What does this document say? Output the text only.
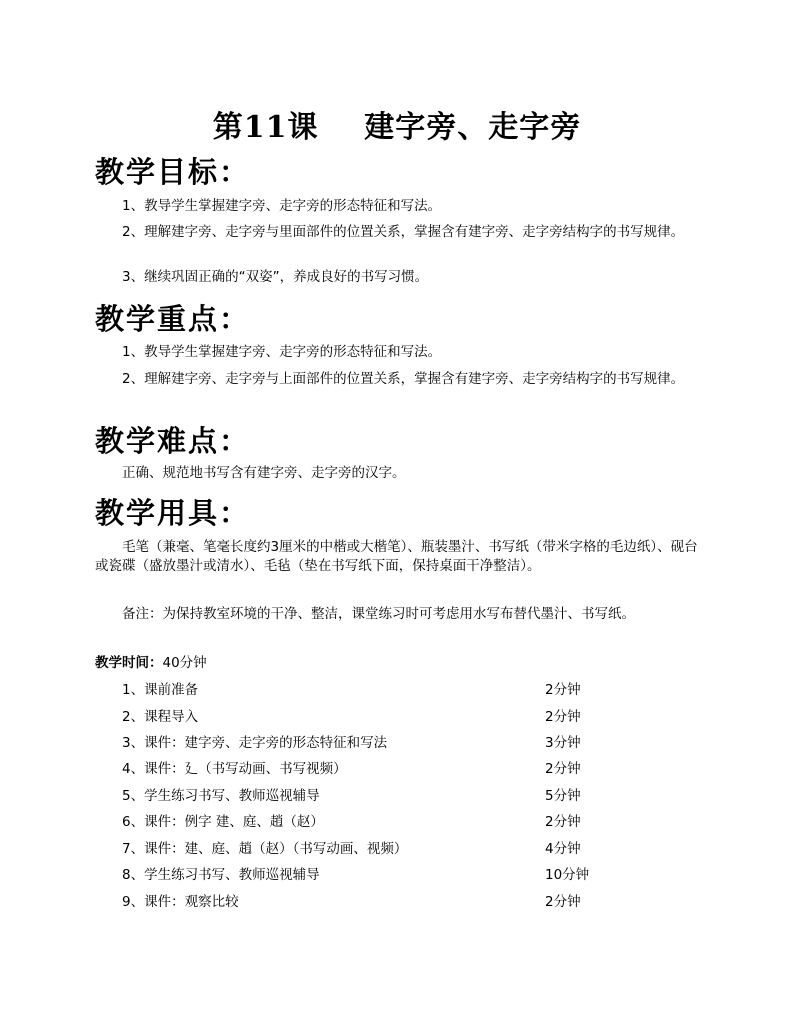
第11课    建字旁、走字旁
教学目标：
1、教导学生掌握建字旁、走字旁的形态特征和写法。
2、理解建字旁、走字旁与里面部件的位置关系，掌握含有建字旁、走字旁结构字的书写规律。
3、继续巩固正确的“双姿”，养成良好的书写习惯。
教学重点：
1、教导学生掌握建字旁、走字旁的形态特征和写法。
2、理解建字旁、走字旁与上面部件的位置关系，掌握含有建字旁、走字旁结构字的书写规律。
教学难点：
正确、规范地书写含有建字旁、走字旁的汉字。
教学用具：
毛笔（兼毫、笔毫长度约3厘米的中楷或大楷笔）、瓶装墨汁、书写纸（带米字格的毛边纸）、砚台或瓷碟（盛放墨汁或清水）、毛毡（垫在书写纸下面，保持桌面干净整洁）。
备注：为保持教室环境的干净、整洁，课堂练习时可考虑用水写布替代墨汁、书写纸。
教学时间：40分钟
1、课前准备	2分钟
2、课程导入	2分钟
3、课件：建字旁、走字旁的形态特征和写法	3分钟
4、课件：廴（书写动画、书写视频）	2分钟
5、学生练习书写、教师巡视辅导	5分钟
6、课件：例字 建、庭、趙（赵）	2分钟
7、课件：建、庭、趙（赵）（书写动画、视频）	4分钟
8、学生练习书写、教师巡视辅导	10分钟
9、课件：观察比较	2分钟
